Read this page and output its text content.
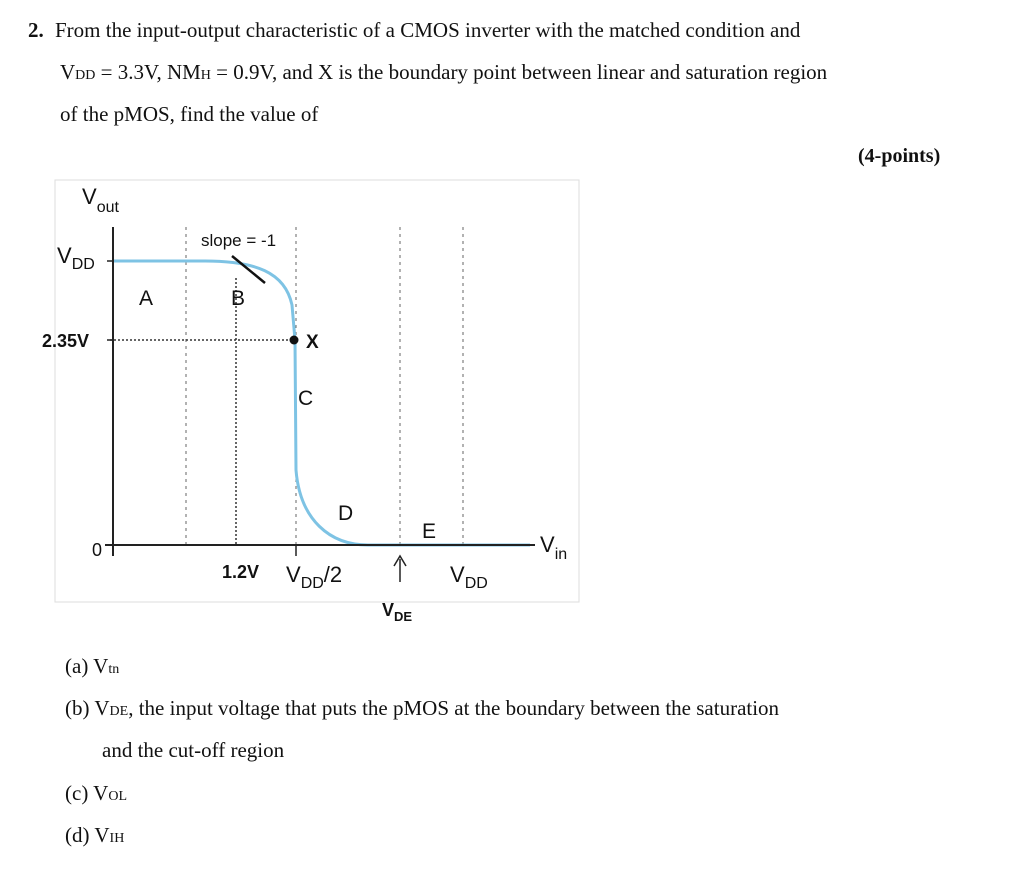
2. From the input-output characteristic of a CMOS inverter with the matched condition and
VDD = 3.3V, NMH = 0.9V, and X is the boundary point between linear and saturation region
of the pMOS, find the value of
(4-points)
$V_{out}$
$V_{DD}$
2.35V
0
slope = -1
X
A	B
C
D
E
$V_{in}$
1.2V $V_{DD}/2$	$V_{DD}$
$V_{DE}$
(a) Vtn
(b) VDE, the input voltage that puts the pMOS at the boundary between the saturation
and the cut-off region
(c) VOL
(d) VIH
